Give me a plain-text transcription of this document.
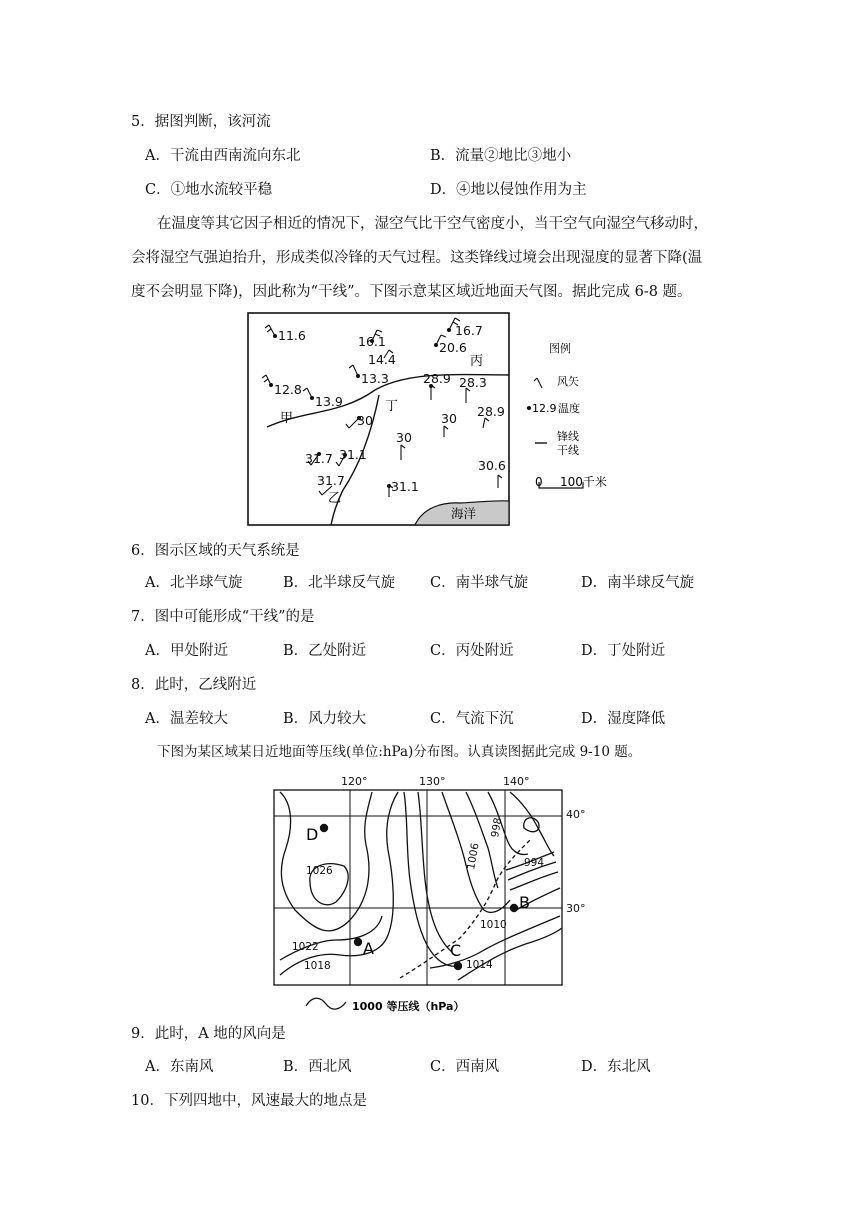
5．据图判断，该河流
A．干流由西南流向东北	B．流量②地比③地小
C．①地水流较平稳	D．④地以侵蚀作用为主
在温度等其它因子相近的情况下，湿空气比干空气密度小，当干空气向湿空气移动时，
会将湿空气强迫抬升，形成类似冷锋的天气过程。这类锋线过境会出现湿度的显著下降(温
度不会明显下降)，因此称为“干线”。下图示意某区域近地面天气图。据此完成 6-8 题。
海洋
甲
乙
丙
丁
11.6	16.1
16.7
20.6
14.4
13.3
12.8
13.9
28.9 28.3
30
28.9
30
30
31.7 31.1
31.7	31.1
30.6
图例
风矢
12.9 温度
锋线
干线
0 100千米
6．图示区域的天气系统是
A．北半球气旋	B．北半球反气旋 C．南半球气旋	D．南半球反气旋
7．图中可能形成“干线”的是
A．甲处附近	B．乙处附近	C．丙处附近	D．丁处附近
8．此时，乙线附近
A．温差较大	B．风力较大	C．气流下沉	D．湿度降低
下图为某区域某日近地面等压线(单位:hPa)分布图。认真读图据此完成 9-10 题。
120°	130°	140°
40°
30°
1026
1022
1018
1006
998
994
1010
1014
D
A
B
C
1000 等压线（hPa）
9．此时，A 地的风向是
A．东南风	B．西北风	C．西南风	D．东北风
10．下列四地中，风速最大的地点是
